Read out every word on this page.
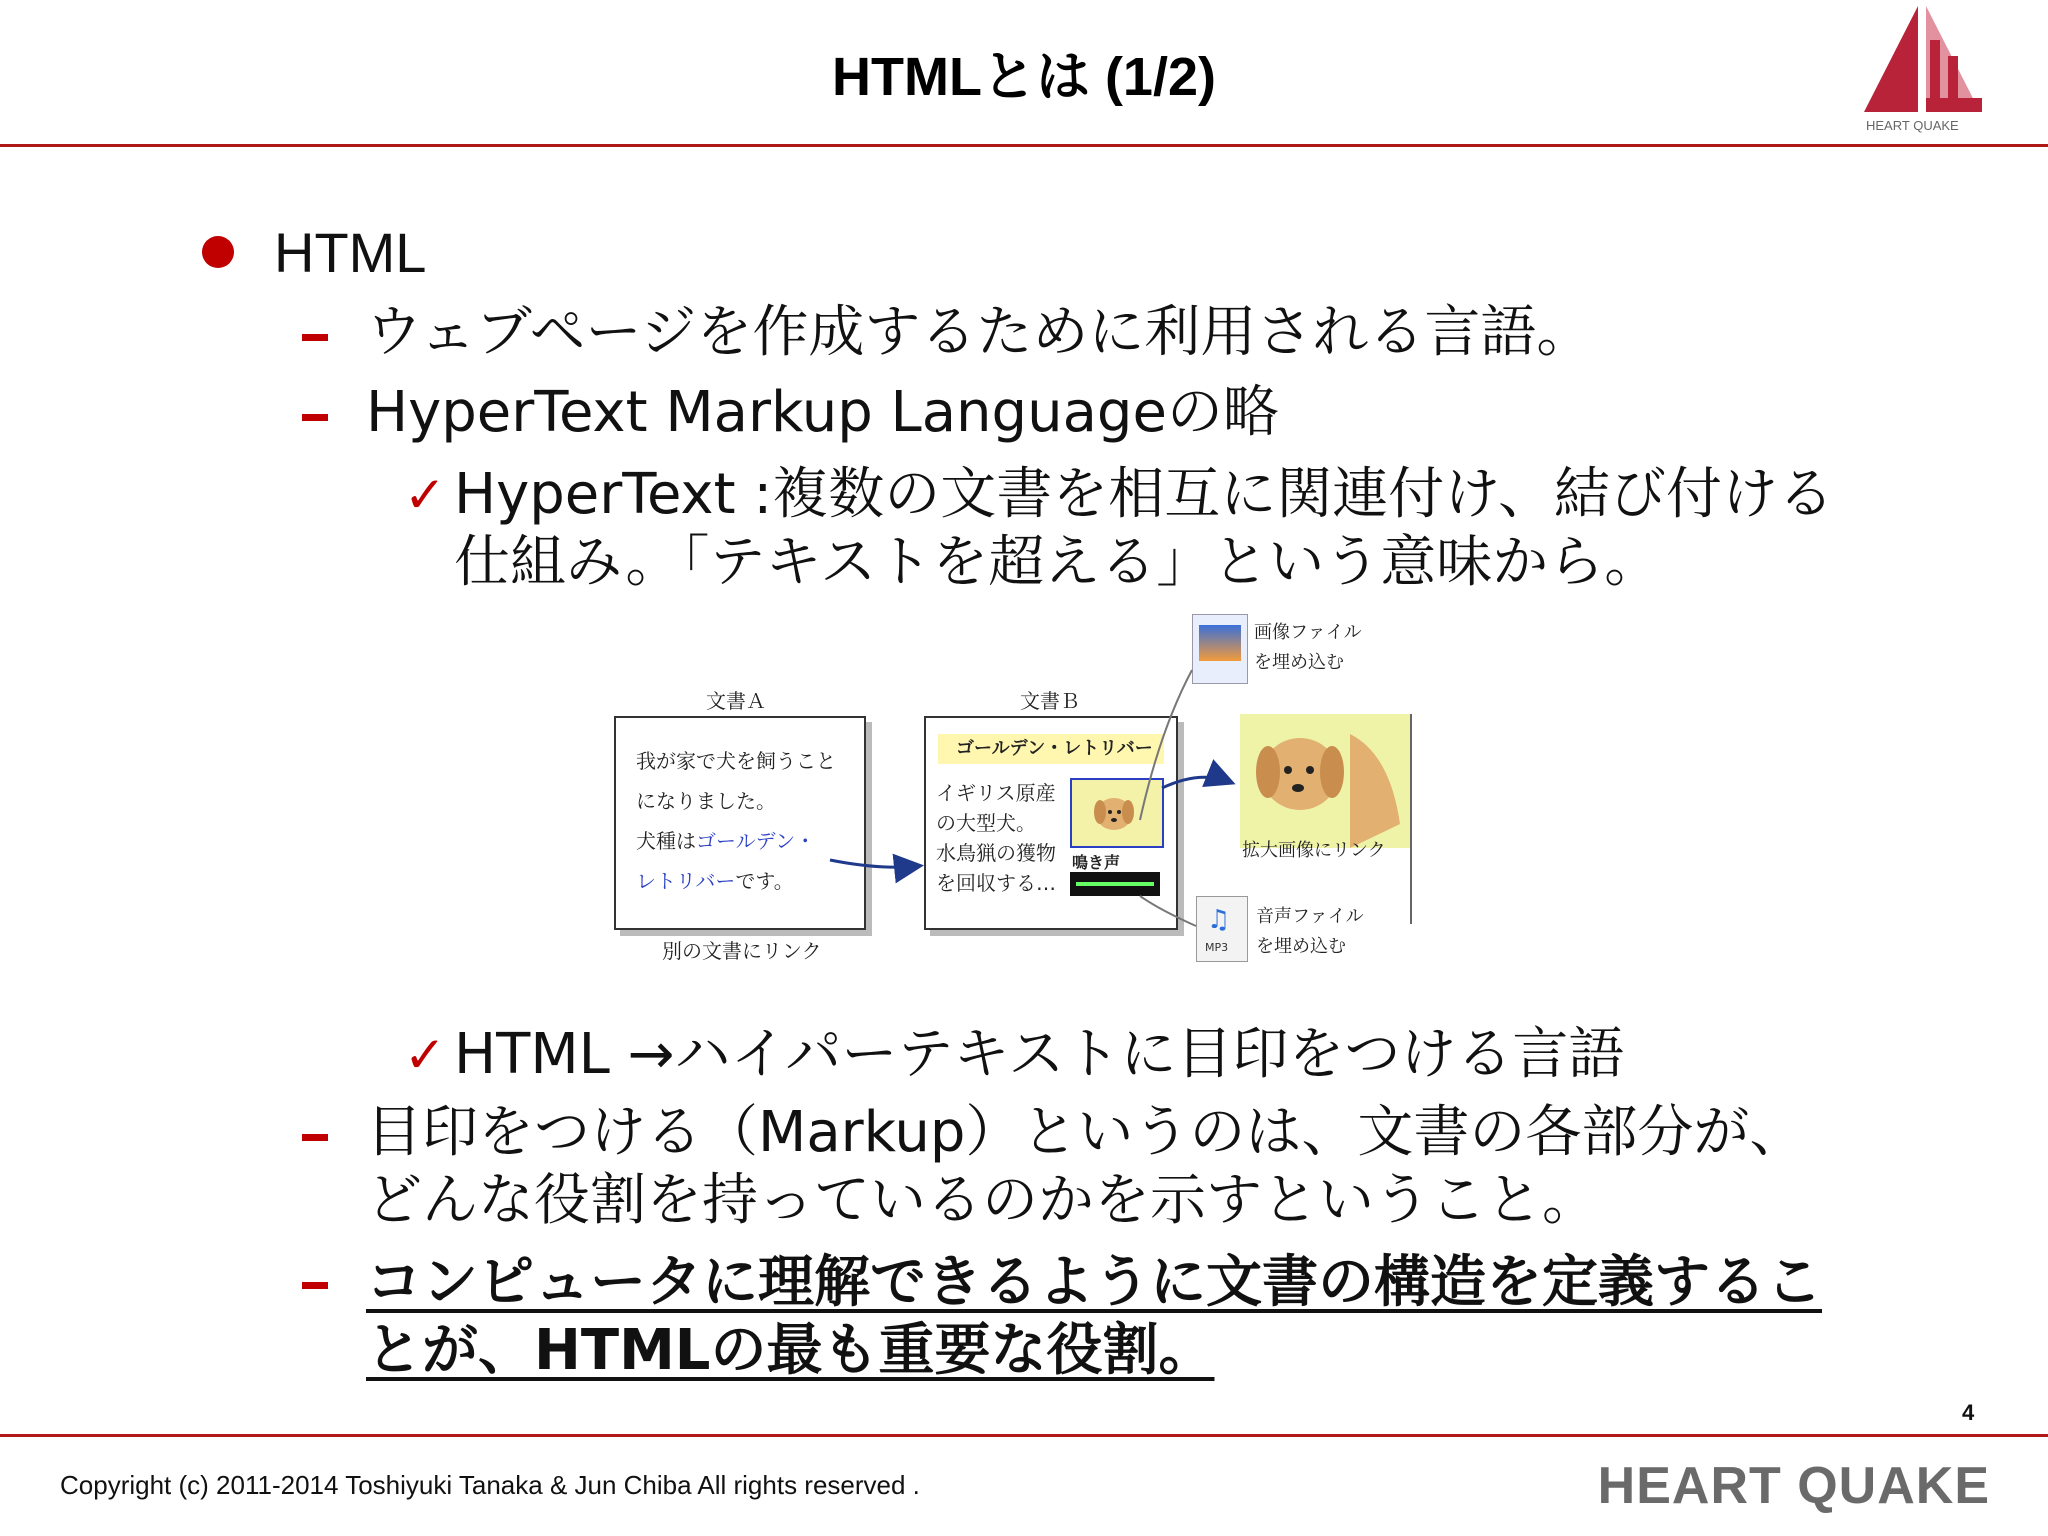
HTMLとは (1/2)
HEART QUAKE
HTML
ウェブページを作成するために利用される言語。
HyperText Markup Languageの略
✓ HyperText :複数の文書を相互に関連付け、結び付ける
仕組み。「テキストを超える」という意味から。
文書Ａ
我が家で犬を飼うこと
になりました。
犬種はゴールデン・
レトリバーです。
別の文書にリンク
文書Ｂ
ゴールデン・レトリバー
イギリス原産
の大型犬。
水鳥猟の獲物
を回収する…
鳴き声
画像ファイル
を埋め込む
拡大画像にリンク
♫
MP3
音声ファイル
を埋め込む
✓ HTML →ハイパーテキストに目印をつける言語
目印をつける（Markup）というのは、文書の各部分が、
どんな役割を持っているのかを示すということ。
コンピュータに理解できるように文書の構造を定義するこ
とが、HTMLの最も重要な役割。
4
Copyright (c) 2011-2014 Toshiyuki Tanaka & Jun Chiba All rights reserved .	HEART QUAKE
